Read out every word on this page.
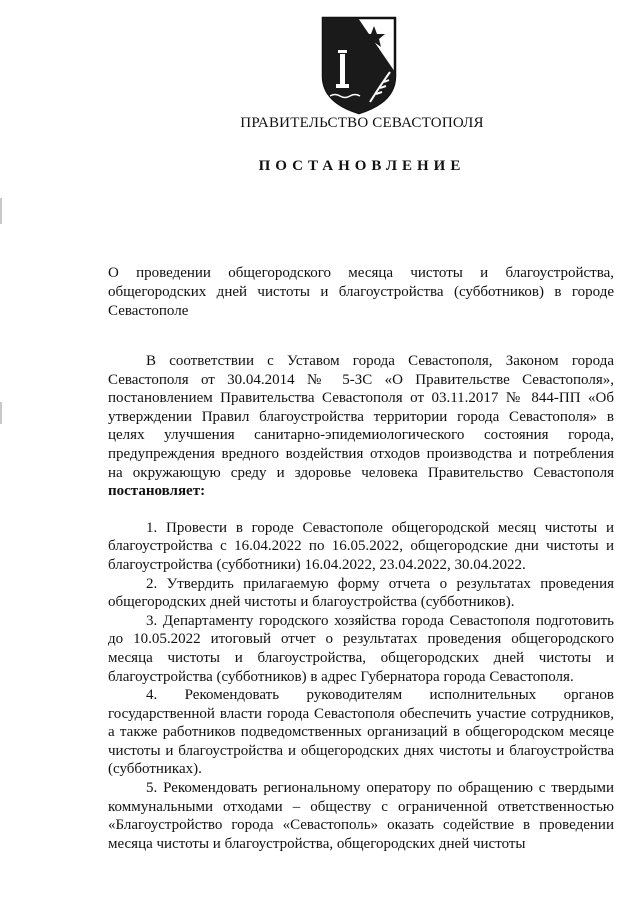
ПРАВИТЕЛЬСТВО СЕВАСТОПОЛЯ
ПОСТАНОВЛЕНИЕ
О проведении общегородского месяца чистоты и благоустройства, общегородских дней чистоты и благоустройства (субботников) в городе Севастополе

В соответствии с Уставом города Севастополя, Законом города Севастополя от 30.04.2014 № 5-ЗС «О Правительстве Севастополя», постановлением Правительства Севастополя от 03.11.2017 № 844-ПП «Об утверждении Правил благоустройства территории города Севастополя» в целях улучшения санитарно-эпидемиологического состояния города, предупреждения вредного воздействия отходов производства и потребления на окружающую среду и здоровье человека Правительство Севастополя постановляет:

1. Провести в городе Севастополе общегородской месяц чистоты и благоустройства с 16.04.2022 по 16.05.2022, общегородские дни чистоты и благоустройства (субботники) 16.04.2022, 23.04.2022, 30.04.2022.

2. Утвердить прилагаемую форму отчета о результатах проведения общегородских дней чистоты и благоустройства (субботников).

3. Департаменту городского хозяйства города Севастополя подготовить до 10.05.2022 итоговый отчет о результатах проведения общегородского месяца чистоты и благоустройства, общегородских дней чистоты и благоустройства (субботников) в адрес Губернатора города Севастополя.

4. Рекомендовать руководителям исполнительных органов государственной власти города Севастополя обеспечить участие сотрудников, а также работников подведомственных организаций в общегородском месяце чистоты и благоустройства и общегородских днях чистоты и благоустройства (субботниках).

5. Рекомендовать региональному оператору по обращению с твердыми коммунальными отходами – обществу с ограниченной ответственностью «Благоустройство города «Севастополь» оказать содействие в проведении месяца чистоты и благоустройства, общегородских дней чистоты
